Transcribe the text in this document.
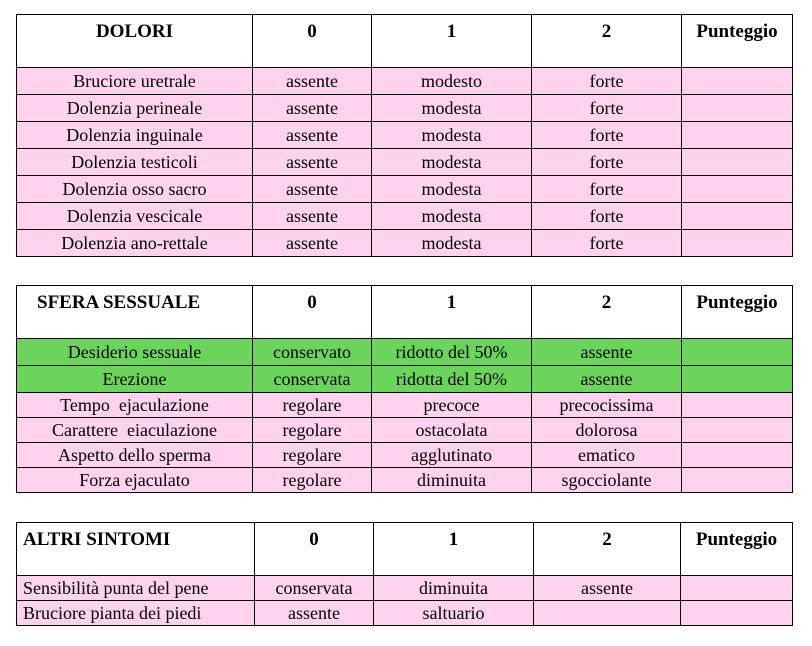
DOLORI	0	1	2	Punteggio
Bruciore uretrale	assente	modesto	forte	
Dolenzia perineale	assente	modesta	forte	
Dolenzia inguinale	assente	modesta	forte	
Dolenzia testicoli	assente	modesta	forte	
Dolenzia osso sacro	assente	modesta	forte	
Dolenzia vescicale	assente	modesta	forte	
Dolenzia ano-rettale	assente	modesta	forte	
SFERA SESSUALE	0	1	2	Punteggio
Desiderio sessuale	conservato	ridotto del 50%	assente	
Erezione	conservata	ridotta del 50%	assente	
Tempo  ejaculazione	regolare	precoce	precocissima	
Carattere  eiaculazione	regolare	ostacolata	dolorosa	
Aspetto dello sperma	regolare	agglutinato	ematico	
Forza ejaculato	regolare	diminuita	sgocciolante	
ALTRI SINTOMI	0	1	2	Punteggio
Sensibilità punta del pene	conservata	diminuita	assente	
Bruciore pianta dei piedi	assente	saltuario		
